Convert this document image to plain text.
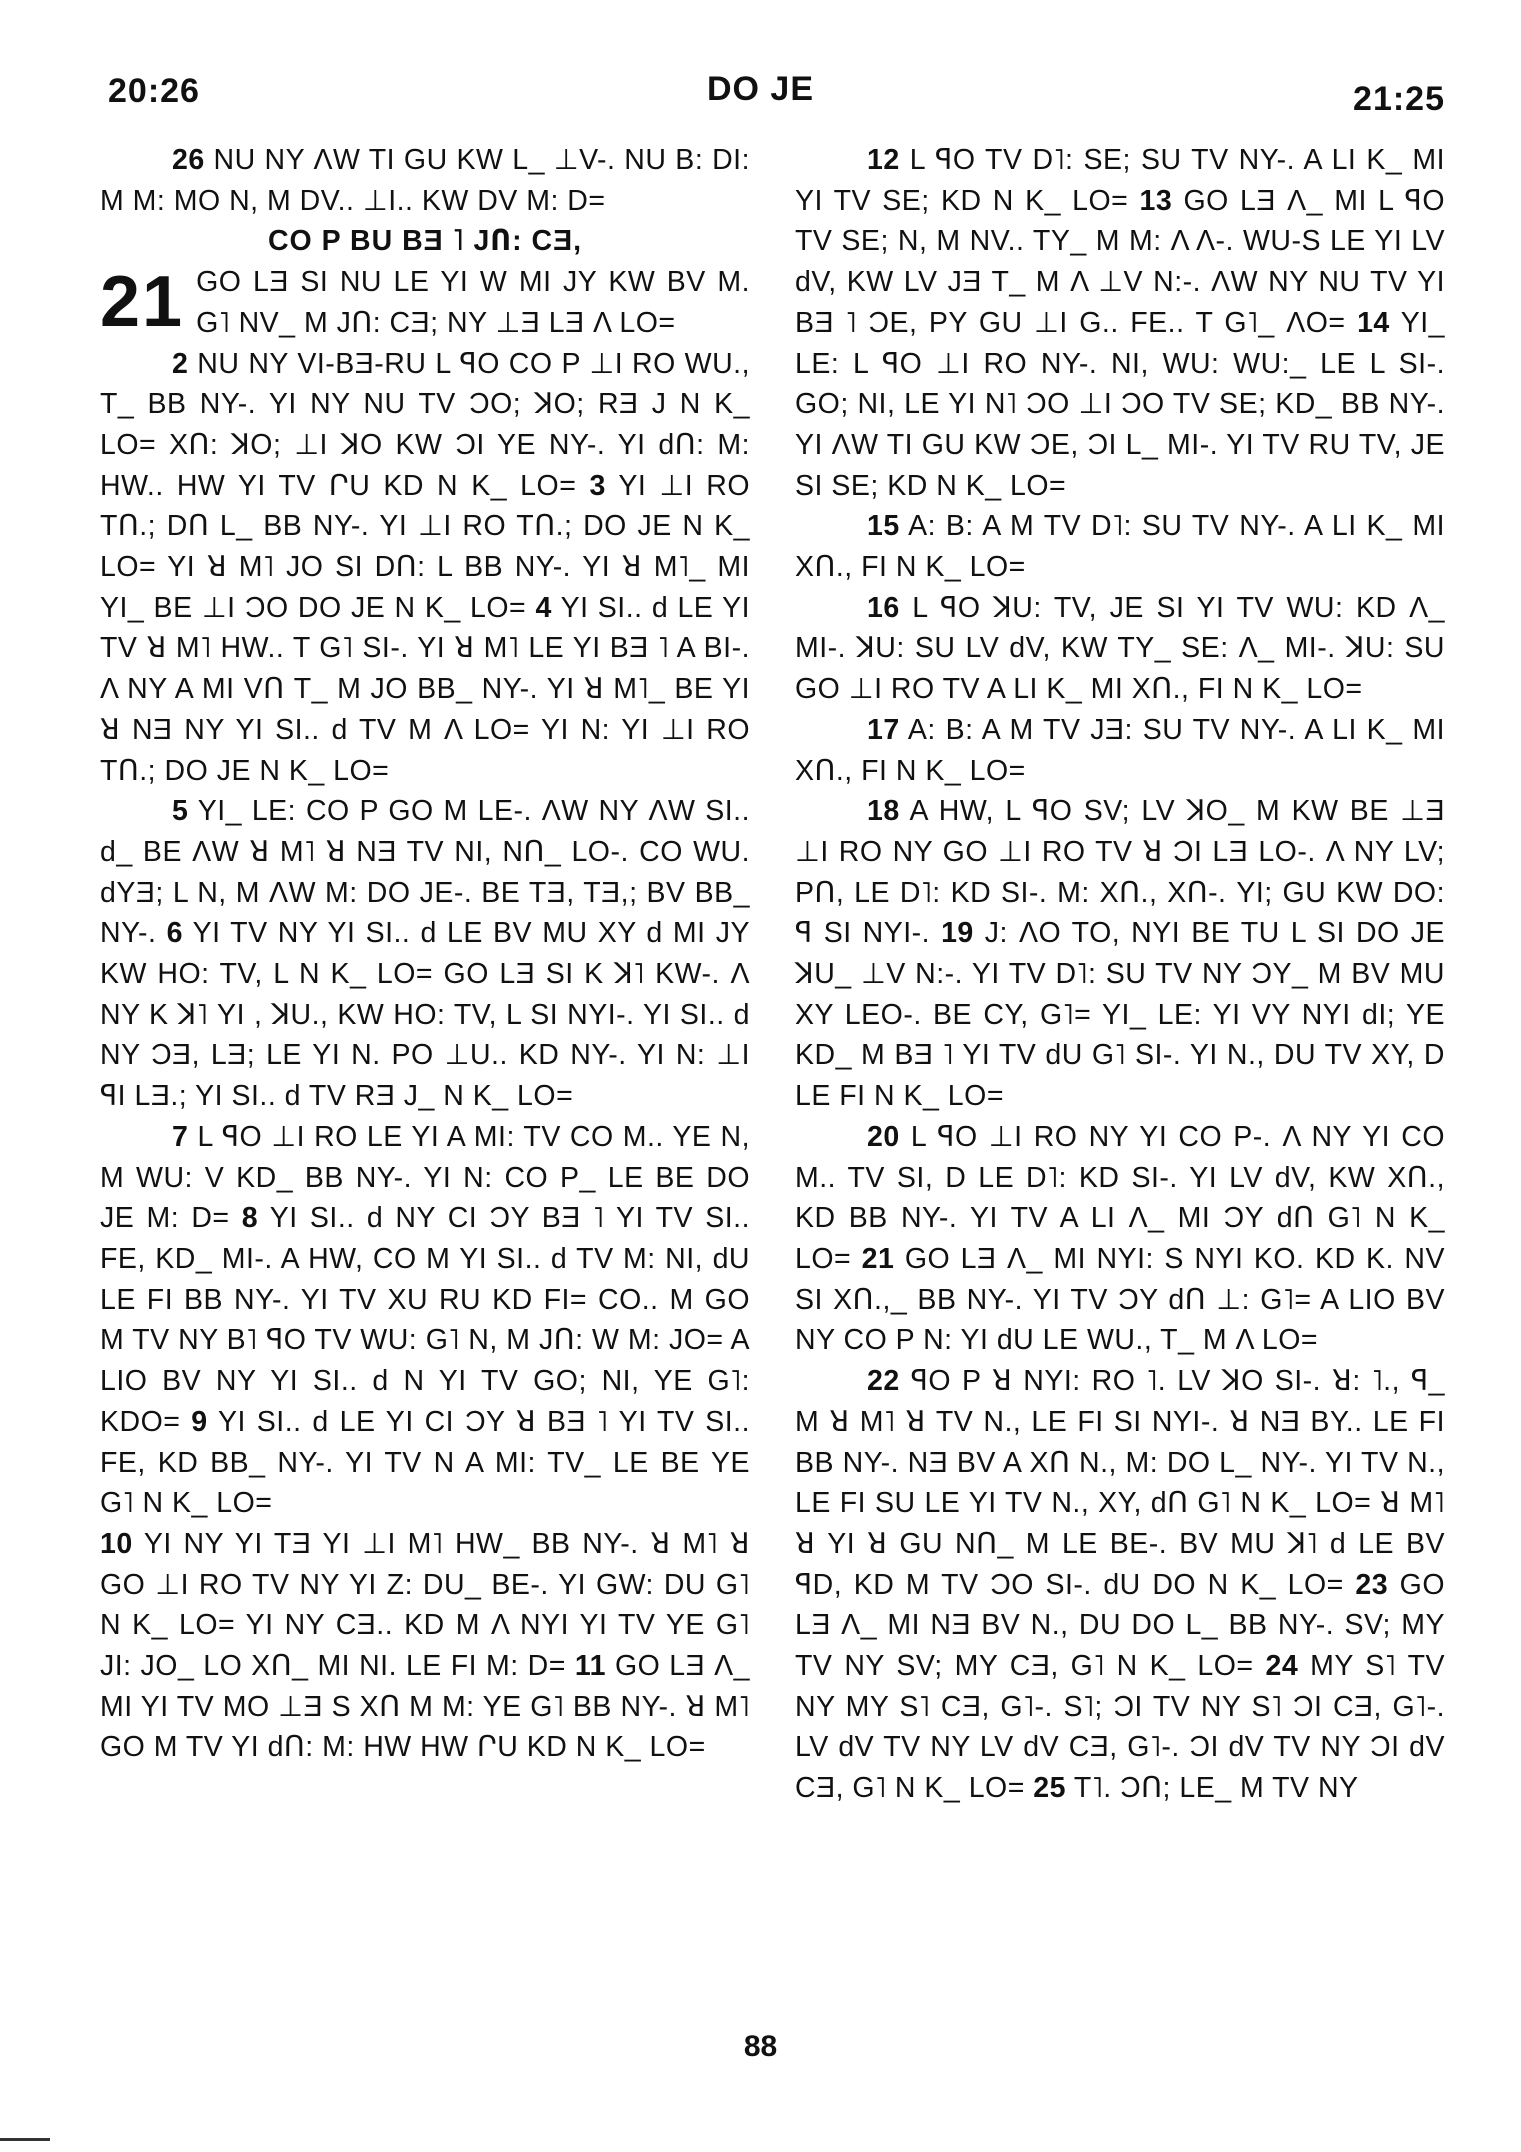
20:26	DO JE	21:25

26 NU NY ΛW TI GU KW L_ ⊥V-. NU B: DI: M M: MO N, M DV.. ⊥I.. KW DV M: D=

CO P BU BƎ ˥ JՈ: CƎ,

21 GO LƎ SI NU LE YI W MI JY KW BV M. G˥ NV_ M JՈ: CƎ; NY ⊥Ǝ LƎ Λ LO=

2 NU NY VI-BƎ-RU L ꟼO CO P ⊥I RO WU., T_ BB NY-. YI NY NU TV ƆO; ꓘO; RƎ J N K_ LO= XՈ: ꓘO; ⊥I ꓘO KW ƆI YE NY-. YI dՈ: M: HW.. HW YI TV ՐU KD N K_ LO= 3 YI ⊥I RO TՈ.; DՈ L_ BB NY-. YI ⊥I RO TՈ.; DO JE N K_ LO= YI ꓤ M˥ JO SI DՈ: L BB NY-. YI ꓤ M˥_ MI YI_ BE ⊥I ƆO DO JE N K_ LO= 4 YI SI.. d LE YI TV ꓤ M˥ HW.. T G˥ SI-. YI ꓤ M˥ LE YI BƎ ˥ A BI-. Λ NY A MI VՈ T_ M JO BB_ NY-. YI ꓤ M˥_ BE YI ꓤ NƎ NY YI SI.. d TV M Λ LO= YI N: YI ⊥I RO TՈ.; DO JE N K_ LO=

5 YI_ LE: CO P GO M LE-. ΛW NY ΛW SI.. d_ BE ΛW ꓤ M˥ ꓤ NƎ TV NI, NՈ_ LO-. CO WU. dYƎ; L N, M ΛW M: DO JE-. BE TƎ, TƎ,; BV BB_ NY-. 6 YI TV NY YI SI.. d LE BV MU XY d MI JY KW HO: TV, L N K_ LO= GO LƎ SI K ꓘ˥ KW-. Λ NY K ꓘ˥ YI , ꓘU., KW HO: TV, L SI NYI-. YI SI.. d NY ƆƎ, LƎ; LE YI N. PO ⊥U.. KD NY-. YI N: ⊥I ꟼI LƎ.; YI SI.. d TV RƎ J_ N K_ LO=

7 L ꟼO ⊥I RO LE YI A MI: TV CO M.. YE N, M WU: V KD_ BB NY-. YI N: CO P_ LE BE DO JE M: D= 8 YI SI.. d NY CI ƆY BƎ ˥ YI TV SI.. FE, KD_ MI-. A HW, CO M YI SI.. d TV M: NI, dU LE FI BB NY-. YI TV XU RU KD FI= CO.. M GO M TV NY B˥ ꟼO TV WU: G˥ N, M JՈ: W M: JO= A LIO BV NY YI SI.. d N YI TV GO; NI, YE G˥: KDO= 9 YI SI.. d LE YI CI ƆY ꓤ BƎ ˥ YI TV SI.. FE, KD BB_ NY-. YI TV N A MI: TV_ LE BE YE G˥ N K_ LO=

10 YI NY YI TƎ YI ⊥I M˥ HW_ BB NY-. ꓤ M˥ ꓤ GO ⊥I RO TV NY YI Z: DU_ BE-. YI GW: DU G˥ N K_ LO= YI NY CƎ.. KD M Λ NYI YI TV YE G˥ JI: JO_ LO XՈ_ MI NI. LE FI M: D= 11 GO LƎ Λ_ MI YI TV MO ⊥Ǝ S XՈ M M: YE G˥ BB NY-. ꓤ M˥ GO M TV YI dՈ: M: HW HW ՐU KD N K_ LO=

12 L ꟼO TV D˥: SE; SU TV NY-. A LI K_ MI YI TV SE; KD N K_ LO= 13 GO LƎ Λ_ MI L ꟼO TV SE; N, M NV.. TY_ M M: Λ Λ-. WU-S LE YI LV dV, KW LV JƎ T_ M Λ ⊥V N:-. ΛW NY NU TV YI BƎ ˥ ƆE, PY GU ⊥I G.. FE.. T G˥_ ΛO= 14 YI_ LE: L ꟼO ⊥I RO NY-. NI, WU: WU:_ LE L SI-. GO; NI, LE YI N˥ ƆO ⊥I ƆO TV SE; KD_ BB NY-. YI ΛW TI GU KW ƆE, ƆI L_ MI-. YI TV RU TV, JE SI SE; KD N K_ LO=

15 A: B: A M TV D˥: SU TV NY-. A LI K_ MI XՈ., FI N K_ LO=

16 L ꟼO ꓘU: TV, JE SI YI TV WU: KD Λ_ MI-. ꓘU: SU LV dV, KW TY_ SE: Λ_ MI-. ꓘU: SU GO ⊥I RO TV A LI K_ MI XՈ., FI N K_ LO=

17 A: B: A M TV JƎ: SU TV NY-. A LI K_ MI XՈ., FI N K_ LO=

18 A HW, L ꟼO SV; LV ꓘO_ M KW BE ⊥Ǝ ⊥I RO NY GO ⊥I RO TV ꓤ ƆI LƎ LO-. Λ NY LV; PՈ, LE D˥: KD SI-. M: XՈ., XՈ-. YI; GU KW DO: ꟼ SI NYI-. 19 J: ΛO TO, NYI BE TU L SI DO JE ꓘU_ ⊥V N:-. YI TV D˥: SU TV NY ƆY_ M BV MU XY LEO-. BE CY, G˥= YI_ LE: YI VY NYI dI; YE KD_ M BƎ ˥ YI TV dU G˥ SI-. YI N., DU TV XY, D LE FI N K_ LO=

20 L ꟼO ⊥I RO NY YI CO P-. Λ NY YI CO M.. TV SI, D LE D˥: KD SI-. YI LV dV, KW XՈ., KD BB NY-. YI TV A LI Λ_ MI ƆY dՈ G˥ N K_ LO= 21 GO LƎ Λ_ MI NYI: S NYI KO. KD K. NV SI XՈ.,_ BB NY-. YI TV ƆY dՈ ⊥: G˥= A LIO BV NY CO P N: YI dU LE WU., T_ M Λ LO=

22 ꟼO P ꓤ NYI: RO ˥. LV ꓘO SI-. ꓤ: ˥., ꟼ_ M ꓤ M˥ ꓤ TV N., LE FI SI NYI-. ꓤ NƎ BY.. LE FI BB NY-. NƎ BV A XՈ N., M: DO L_ NY-. YI TV N., LE FI SU LE YI TV N., XY, dՈ G˥ N K_ LO= ꓤ M˥ ꓤ YI ꓤ GU NՈ_ M LE BE-. BV MU ꓘ˥ d LE BV ꟼD, KD M TV ƆO SI-. dU DO N K_ LO= 23 GO LƎ Λ_ MI NƎ BV N., DU DO L_ BB NY-. SV; MY TV NY SV; MY CƎ, G˥ N K_ LO= 24 MY S˥ TV NY MY S˥ CƎ, G˥-. S˥; ƆI TV NY S˥ ƆI CƎ, G˥-. LV dV TV NY LV dV CƎ, G˥-. ƆI dV TV NY ƆI dV CƎ, G˥ N K_ LO= 25 T˥. ƆՈ; LE_ M TV NY

88
